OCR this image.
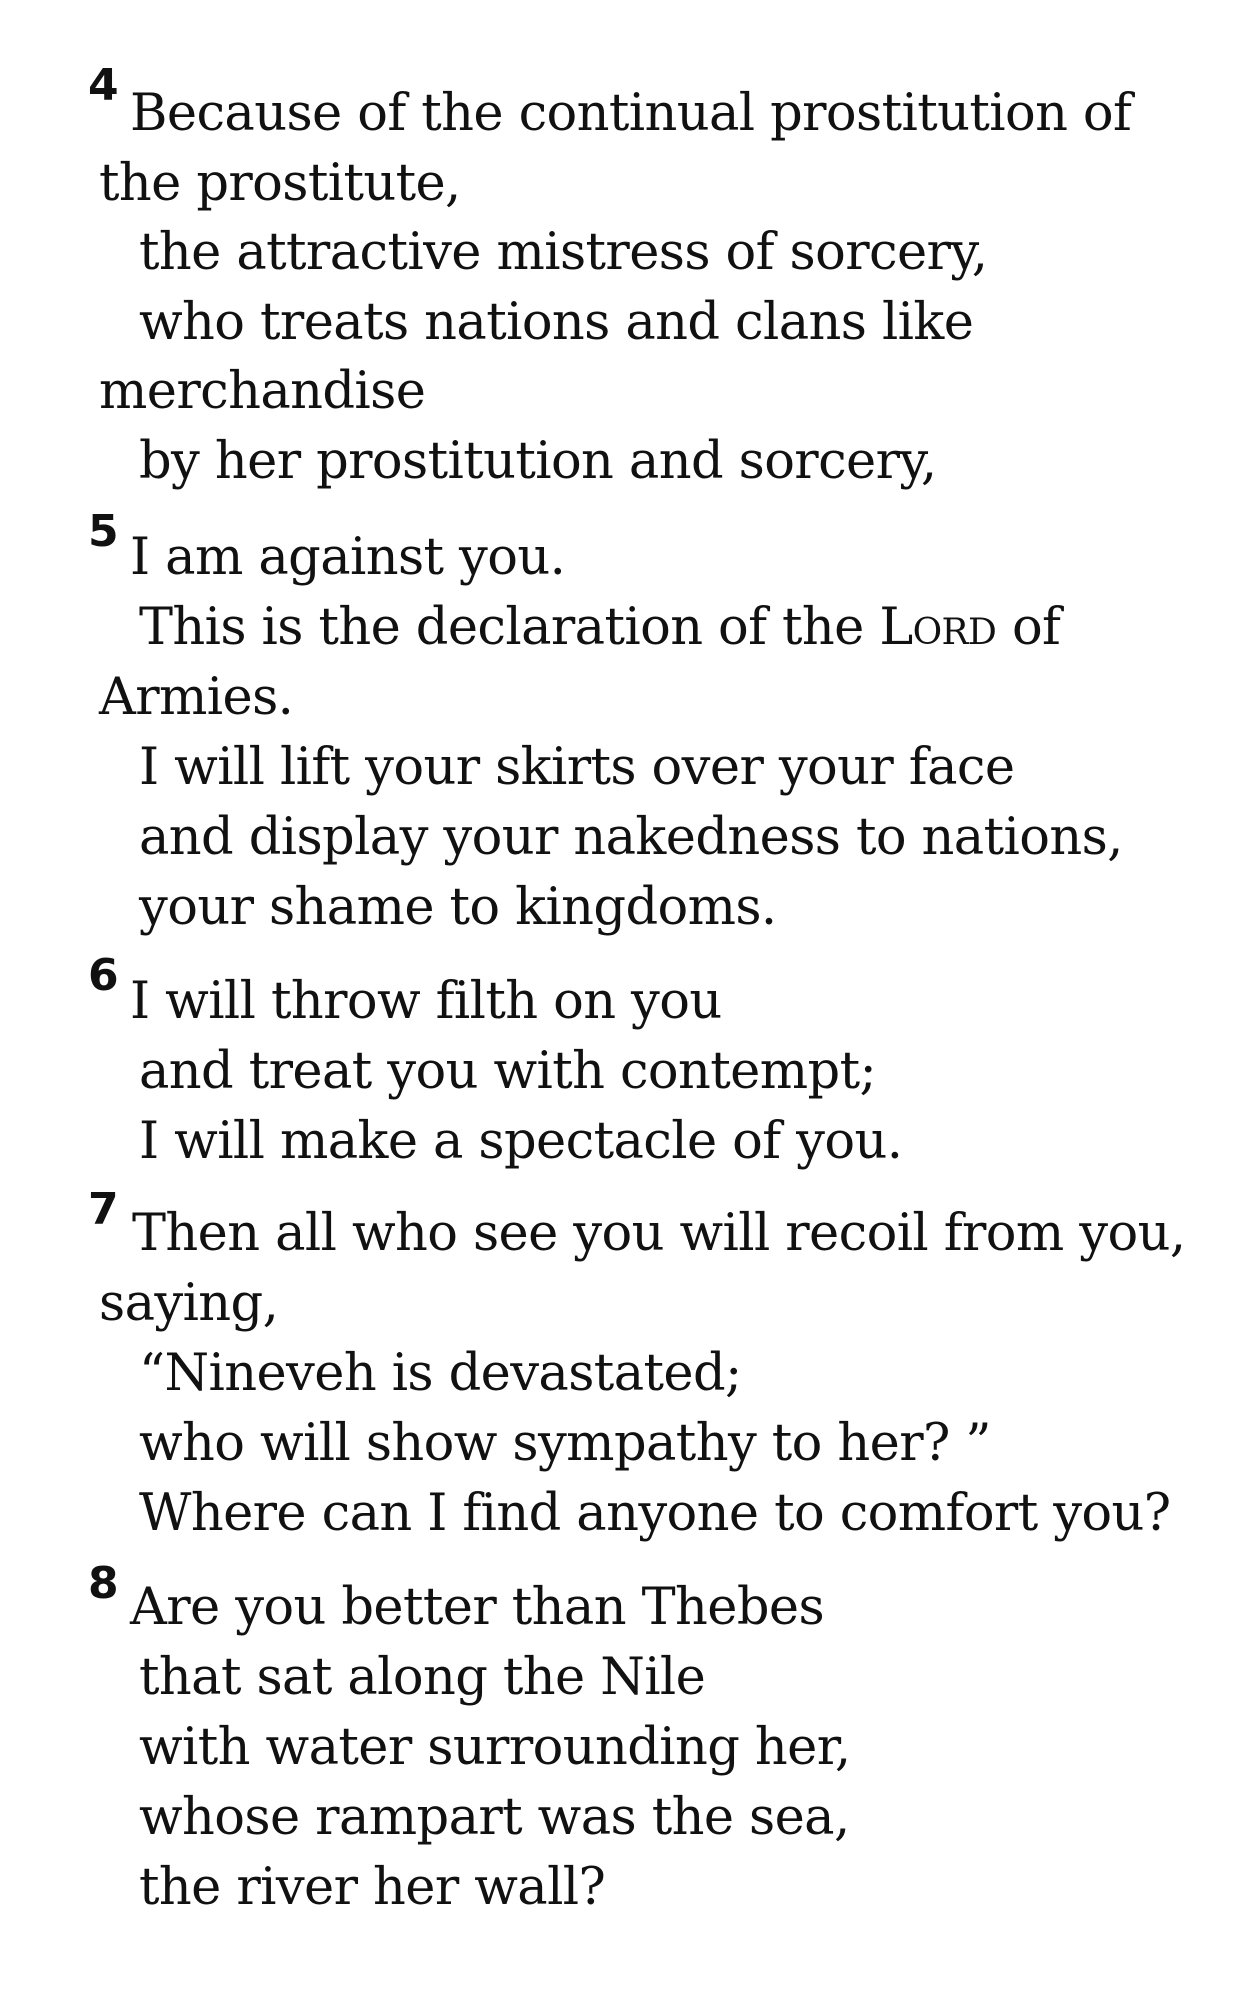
4 Because of the continual prostitution of
the prostitute,
the attractive mistress of sorcery,
who treats nations and clans like
merchandise
by her prostitution and sorcery,
5 I am against you.
This is the declaration of the Lord of
Armies.
I will lift your skirts over your face
and display your nakedness to nations,
your shame to kingdoms.
6 I will throw filth on you
and treat you with contempt;
I will make a spectacle of you.
7 Then all who see you will recoil from you,
saying,
“Nineveh is devastated;
who will show sympathy to her? ”
Where can I find anyone to comfort you?
8 Are you better than Thebes
that sat along the Nile
with water surrounding her,
whose rampart was the sea,
the river her wall?
